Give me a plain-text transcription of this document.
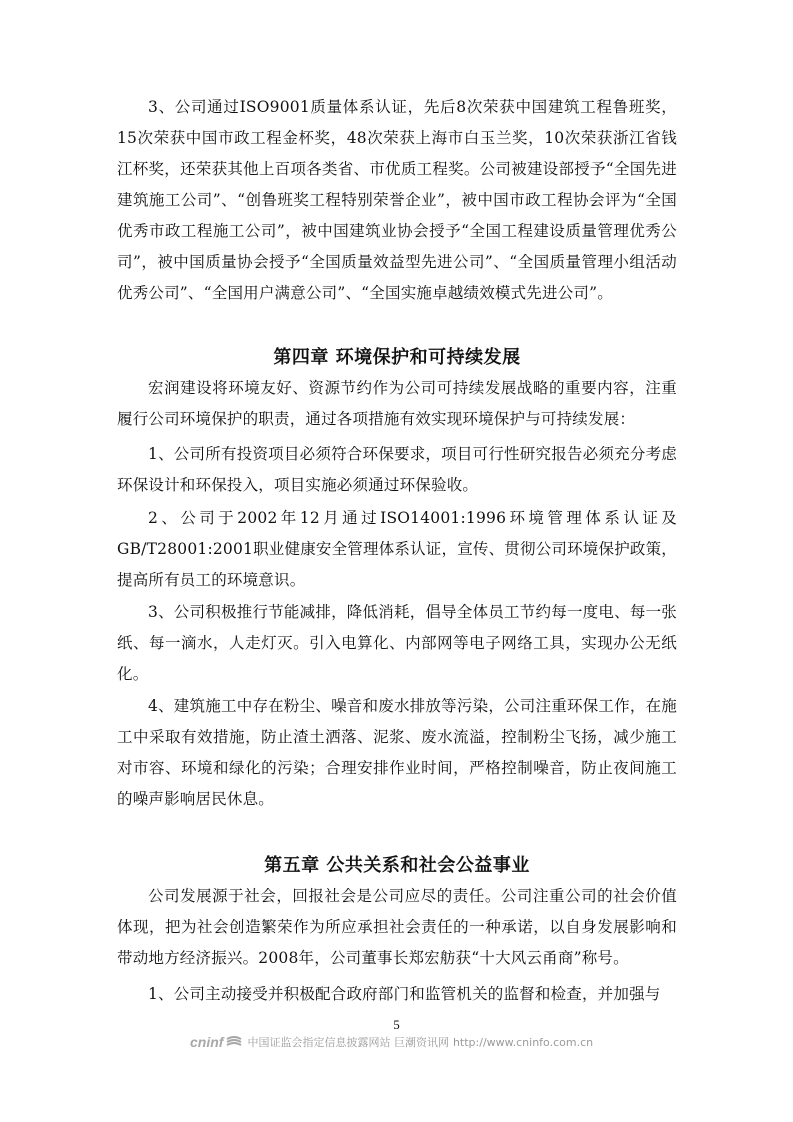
3、公司通过ISO9001质量体系认证，先后8次荣获中国建筑工程鲁班奖，15次荣获中国市政工程金杯奖，48次荣获上海市白玉兰奖，10次荣获浙江省钱江杯奖，还荣获其他上百项各类省、市优质工程奖。公司被建设部授予“全国先进建筑施工公司”、“创鲁班奖工程特别荣誉企业”，被中国市政工程协会评为“全国优秀市政工程施工公司”，被中国建筑业协会授予“全国工程建设质量管理优秀公司”，被中国质量协会授予“全国质量效益型先进公司”、“全国质量管理小组活动优秀公司”、“全国用户满意公司”、“全国实施卓越绩效模式先进公司”。

第四章 环境保护和可持续发展

宏润建设将环境友好、资源节约作为公司可持续发展战略的重要内容，注重履行公司环境保护的职责，通过各项措施有效实现环境保护与可持续发展：

1、公司所有投资项目必须符合环保要求，项目可行性研究报告必须充分考虑环保设计和环保投入，项目实施必须通过环保验收。

2、公司于2002年12月通过ISO14001:1996环境管理体系认证及GB/T28001:2001职业健康安全管理体系认证，宣传、贯彻公司环境保护政策，提高所有员工的环境意识。

3、公司积极推行节能减排，降低消耗，倡导全体员工节约每一度电、每一张纸、每一滴水，人走灯灭。引入电算化、内部网等电子网络工具，实现办公无纸化。

4、建筑施工中存在粉尘、噪音和废水排放等污染，公司注重环保工作，在施工中采取有效措施，防止渣土洒落、泥浆、废水流溢，控制粉尘飞扬，减少施工对市容、环境和绿化的污染；合理安排作业时间，严格控制噪音，防止夜间施工的噪声影响居民休息。

第五章 公共关系和社会公益事业

公司发展源于社会，回报社会是公司应尽的责任。公司注重公司的社会价值体现，把为社会创造繁荣作为所应承担社会责任的一种承诺，以自身发展影响和带动地方经济振兴。2008年，公司董事长郑宏舫获“十大风云甬商”称号。

1、公司主动接受并积极配合政府部门和监管机关的监督和检查，并加强与

5
cninf 中国证监会指定信息披露网站 巨潮资讯网 http://www.cninfo.com.cn
